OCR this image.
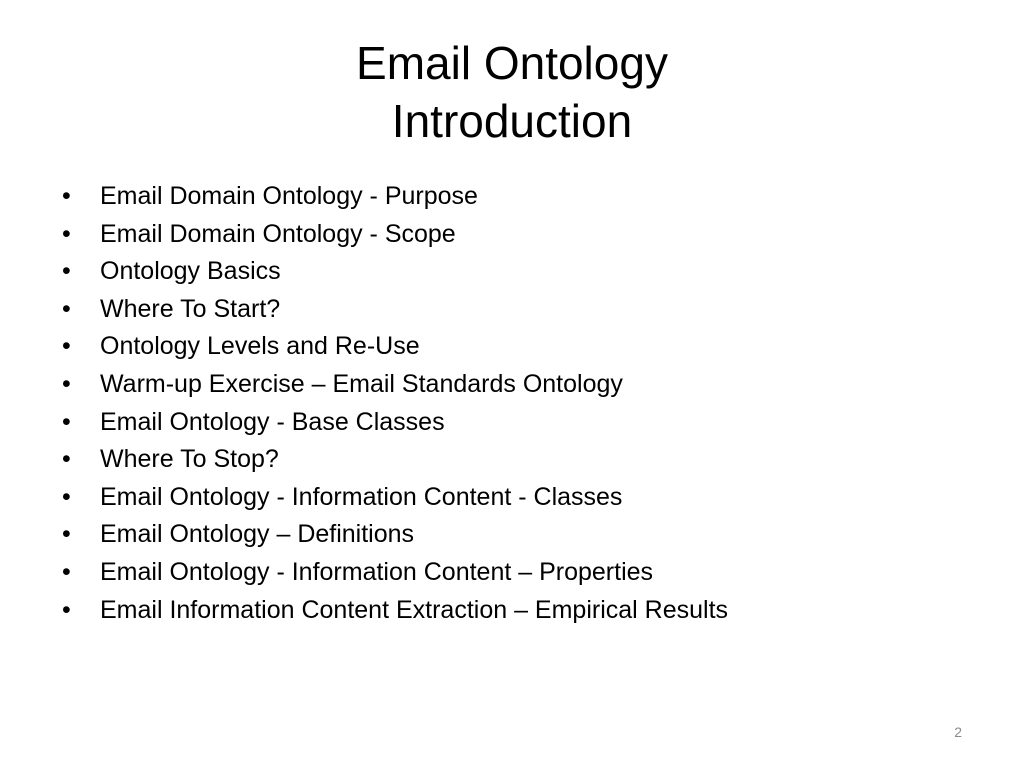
Email Ontology
Introduction
•	Email Domain Ontology - Purpose
•	Email Domain Ontology - Scope
•	Ontology Basics
•	Where To Start?
•	Ontology Levels and Re-Use
•	Warm-up Exercise – Email Standards Ontology
•	Email Ontology - Base Classes
•	Where To Stop?
•	Email Ontology - Information Content - Classes
•	Email Ontology – Definitions
•	Email Ontology - Information Content – Properties
•	Email Information Content Extraction – Empirical Results
2
